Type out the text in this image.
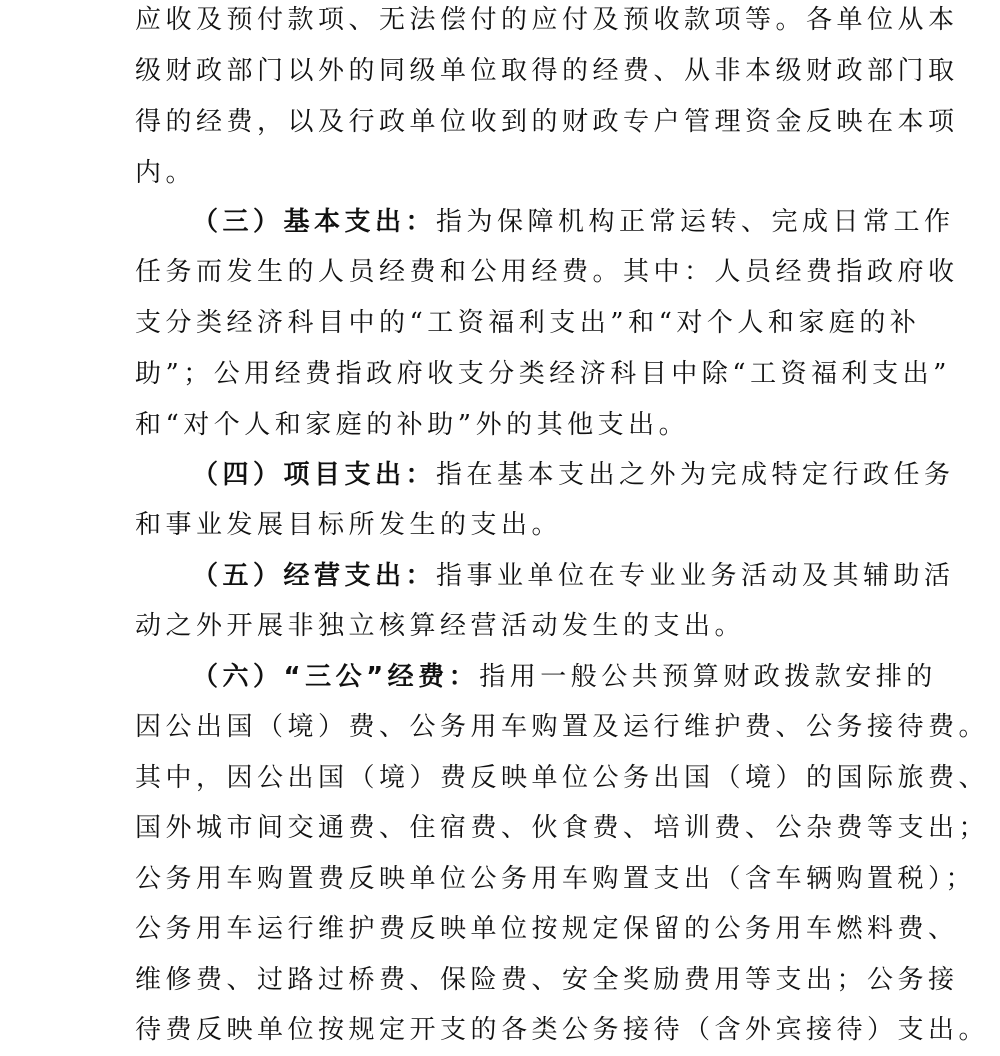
应收及预付款项、无法偿付的应付及预收款项等。各单位从本
级财政部门以外的同级单位取得的经费、从非本级财政部门取
得的经费，以及行政单位收到的财政专户管理资金反映在本项
内。
（三）基本支出：指为保障机构正常运转、完成日常工作
任务而发生的人员经费和公用经费。其中：人员经费指政府收
支分类经济科目中的“工资福利支出”和“对个人和家庭的补
助”；公用经费指政府收支分类经济科目中除“工资福利支出”
和“对个人和家庭的补助”外的其他支出。
（四）项目支出：指在基本支出之外为完成特定行政任务
和事业发展目标所发生的支出。
（五）经营支出：指事业单位在专业业务活动及其辅助活
动之外开展非独立核算经营活动发生的支出。
（六）“三公”经费：指用一般公共预算财政拨款安排的
因公出国（境）费、公务用车购置及运行维护费、公务接待费。
其中，因公出国（境）费反映单位公务出国（境）的国际旅费、
国外城市间交通费、住宿费、伙食费、培训费、公杂费等支出；
公务用车购置费反映单位公务用车购置支出（含车辆购置税）；
公务用车运行维护费反映单位按规定保留的公务用车燃料费、
维修费、过路过桥费、保险费、安全奖励费用等支出；公务接
待费反映单位按规定开支的各类公务接待（含外宾接待）支出。
